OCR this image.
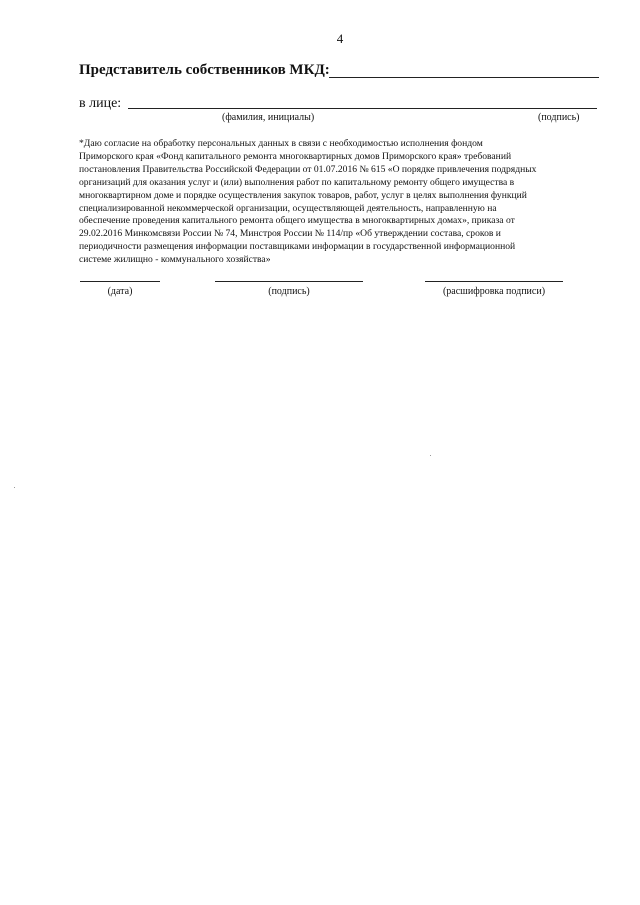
4
Представитель собственников МКД:
в лице:
(фамилия, инициалы)	(подпись)
*Даю согласие на обработку персональных данных в связи с необходимостью исполнения фондом
Приморского края «Фонд капитального ремонта многоквартирных домов Приморского края» требований
постановления Правительства Российской Федерации от 01.07.2016 № 615 «О порядке привлечения подрядных
организаций для оказания услуг и (или) выполнения работ по капитальному ремонту общего имущества в
многоквартирном доме и порядке осуществления закупок товаров, работ, услуг в целях выполнения функций
специализированной некоммерческой организации, осуществляющей деятельность, направленную на
обеспечение проведения капитального ремонта общего имущества в многоквартирных домах», приказа от
29.02.2016 Минкомсвязи России № 74, Минстроя России № 114/пр «Об утверждении состава, сроков и
периодичности размещения информации поставщиками информации в государственной информационной
системе жилищно - коммунального хозяйства»
(дата)	(подпись)	(расшифровка подписи)
